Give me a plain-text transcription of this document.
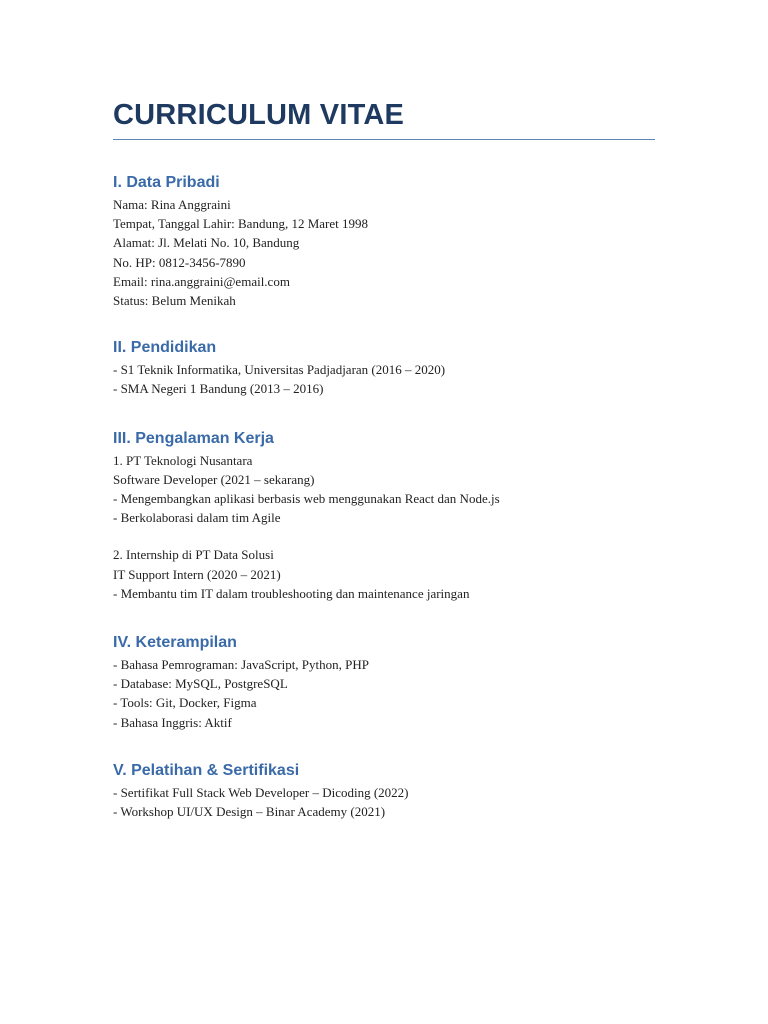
CURRICULUM VITAE
I. Data Pribadi
Nama: Rina Anggraini
Tempat, Tanggal Lahir: Bandung, 12 Maret 1998
Alamat: Jl. Melati No. 10, Bandung
No. HP: 0812-3456-7890
Email: rina.anggraini@email.com
Status: Belum Menikah
II. Pendidikan
- S1 Teknik Informatika, Universitas Padjadjaran (2016 – 2020)
- SMA Negeri 1 Bandung (2013 – 2016)
III. Pengalaman Kerja
1. PT Teknologi Nusantara
Software Developer (2021 – sekarang)
- Mengembangkan aplikasi berbasis web menggunakan React dan Node.js
- Berkolaborasi dalam tim Agile
2. Internship di PT Data Solusi
IT Support Intern (2020 – 2021)
- Membantu tim IT dalam troubleshooting dan maintenance jaringan
IV. Keterampilan
- Bahasa Pemrograman: JavaScript, Python, PHP
- Database: MySQL, PostgreSQL
- Tools: Git, Docker, Figma
- Bahasa Inggris: Aktif
V. Pelatihan & Sertifikasi
- Sertifikat Full Stack Web Developer – Dicoding (2022)
- Workshop UI/UX Design – Binar Academy (2021)
